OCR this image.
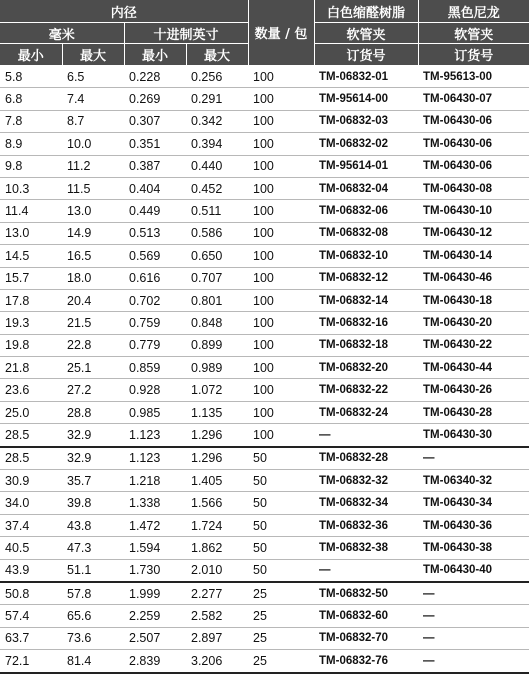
内径				数量 / 包	白色缩醛树脂	黑色尼龙
毫米		十进制英寸			软管夹	软管夹
最小	最大	最小	最大		订货号	订货号
5.8	6.5	0.228	0.256	100	TM-06832-01	TM-95613-00
6.8	7.4	0.269	0.291	100	TM-95614-00	TM-06430-07
7.8	8.7	0.307	0.342	100	TM-06832-03	TM-06430-06
8.9	10.0	0.351	0.394	100	TM-06832-02	TM-06430-06
9.8	11.2	0.387	0.440	100	TM-95614-01	TM-06430-06
10.3	11.5	0.404	0.452	100	TM-06832-04	TM-06430-08
11.4	13.0	0.449	0.511	100	TM-06832-06	TM-06430-10
13.0	14.9	0.513	0.586	100	TM-06832-08	TM-06430-12
14.5	16.5	0.569	0.650	100	TM-06832-10	TM-06430-14
15.7	18.0	0.616	0.707	100	TM-06832-12	TM-06430-46
17.8	20.4	0.702	0.801	100	TM-06832-14	TM-06430-18
19.3	21.5	0.759	0.848	100	TM-06832-16	TM-06430-20
19.8	22.8	0.779	0.899	100	TM-06832-18	TM-06430-22
21.8	25.1	0.859	0.989	100	TM-06832-20	TM-06430-44
23.6	27.2	0.928	1.072	100	TM-06832-22	TM-06430-26
25.0	28.8	0.985	1.135	100	TM-06832-24	TM-06430-28
28.5	32.9	1.123	1.296	100	—	TM-06430-30
28.5	32.9	1.123	1.296	50	TM-06832-28	—
30.9	35.7	1.218	1.405	50	TM-06832-32	TM-06340-32
34.0	39.8	1.338	1.566	50	TM-06832-34	TM-06430-34
37.4	43.8	1.472	1.724	50	TM-06832-36	TM-06430-36
40.5	47.3	1.594	1.862	50	TM-06832-38	TM-06430-38
43.9	51.1	1.730	2.010	50	—	TM-06430-40
50.8	57.8	1.999	2.277	25	TM-06832-50	—
57.4	65.6	2.259	2.582	25	TM-06832-60	—
63.7	73.6	2.507	2.897	25	TM-06832-70	—
72.1	81.4	2.839	3.206	25	TM-06832-76	—
